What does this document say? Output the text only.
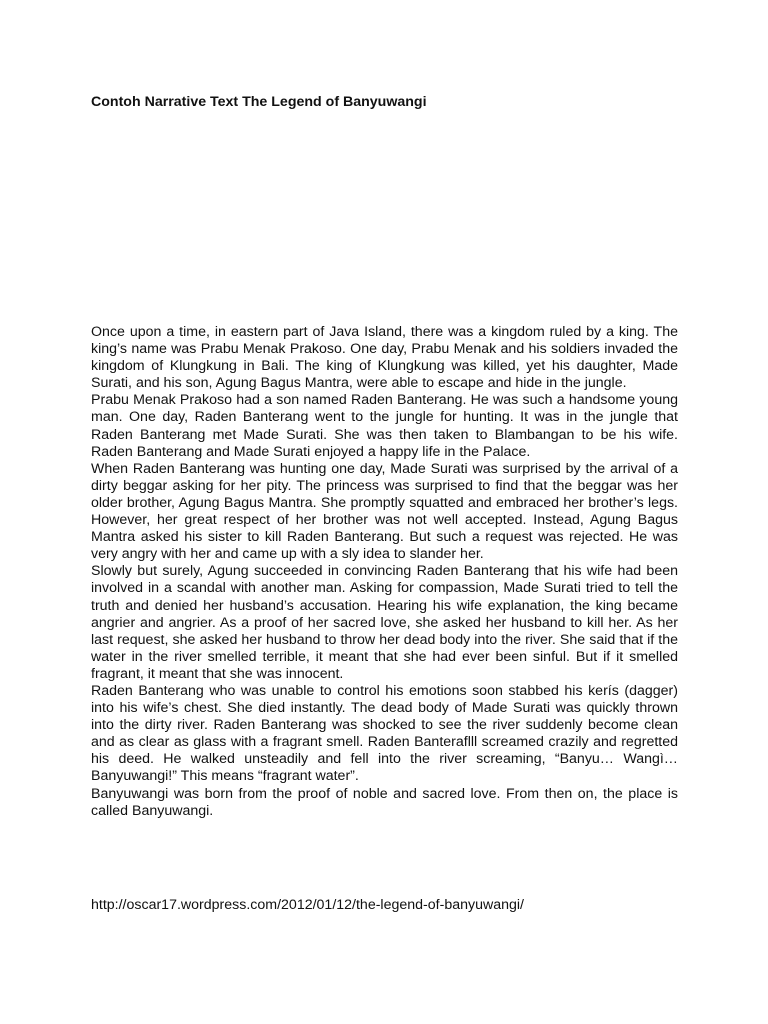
Contoh Narrative Text The Legend of Banyuwangi

Once upon a time, in eastern part of Java Island, there was a kingdom ruled by a king. The king’s name was Prabu Menak Prakoso. One day, Prabu Menak and his soldiers invaded the kingdom of Klungkung in Bali. The king of Klungkung was killed, yet his daughter, Made Surati, and his son, Agung Bagus Mantra, were able to escape and hide in the jungle.

Prabu Menak Prakoso had a son named Raden Banterang. He was such a handsome young man. One day, Raden Banterang went to the jungle for hunting. It was in the jungle that Raden Banterang met Made Surati. She was then taken to Blambangan to be his wife. Raden Banterang and Made Surati enjoyed a happy life in the Palace.

When Raden Banterang was hunting one day, Made Surati was surprised by the arrival of a dirty beggar asking for her pity. The princess was surprised to find that the beggar was her older brother, Agung Bagus Mantra. She promptly squatted and embraced her brother’s legs. However, her great respect of her brother was not well accepted. Instead, Agung Bagus Mantra asked his sister to kill Raden Banterang. But such a request was rejected. He was very angry with her and came up with a sly idea to slander her.

Slowly but surely, Agung succeeded in convincing Raden Banterang that his wife had been involved in a scandal with another man. Asking for compassion, Made Surati tried to tell the truth and denied her husband’s accusation. Hearing his wife explanation, the king became angrier and angrier. As a proof of her sacred love, she asked her husband to kill her. As her last request, she asked her husband to throw her dead body into the river. She said that if the water in the river smelled terrible, it meant that she had ever been sinful. But if it smelled fragrant, it meant that she was innocent.

Raden Banterang who was unable to control his emotions soon stabbed his kerís (dagger) into his wife’s chest. She died instantly. The dead body of Made Surati was quickly thrown into the dirty river. Raden Banterang was shocked to see the river suddenly become clean and as clear as glass with a fragrant smell. Raden Banterafl​ll screamed crazily and regretted his deed. He walked unsteadily and fell into the river screaming, “Banyu… Wangì… Banyuwangi!” This means “fragrant water”.

Banyuwangi was born from the proof of noble and sacred love. From then on, the place is called Banyuwangi.

http://oscar17.wordpress.com/2012/01/12/the-legend-of-banyuwangi/
